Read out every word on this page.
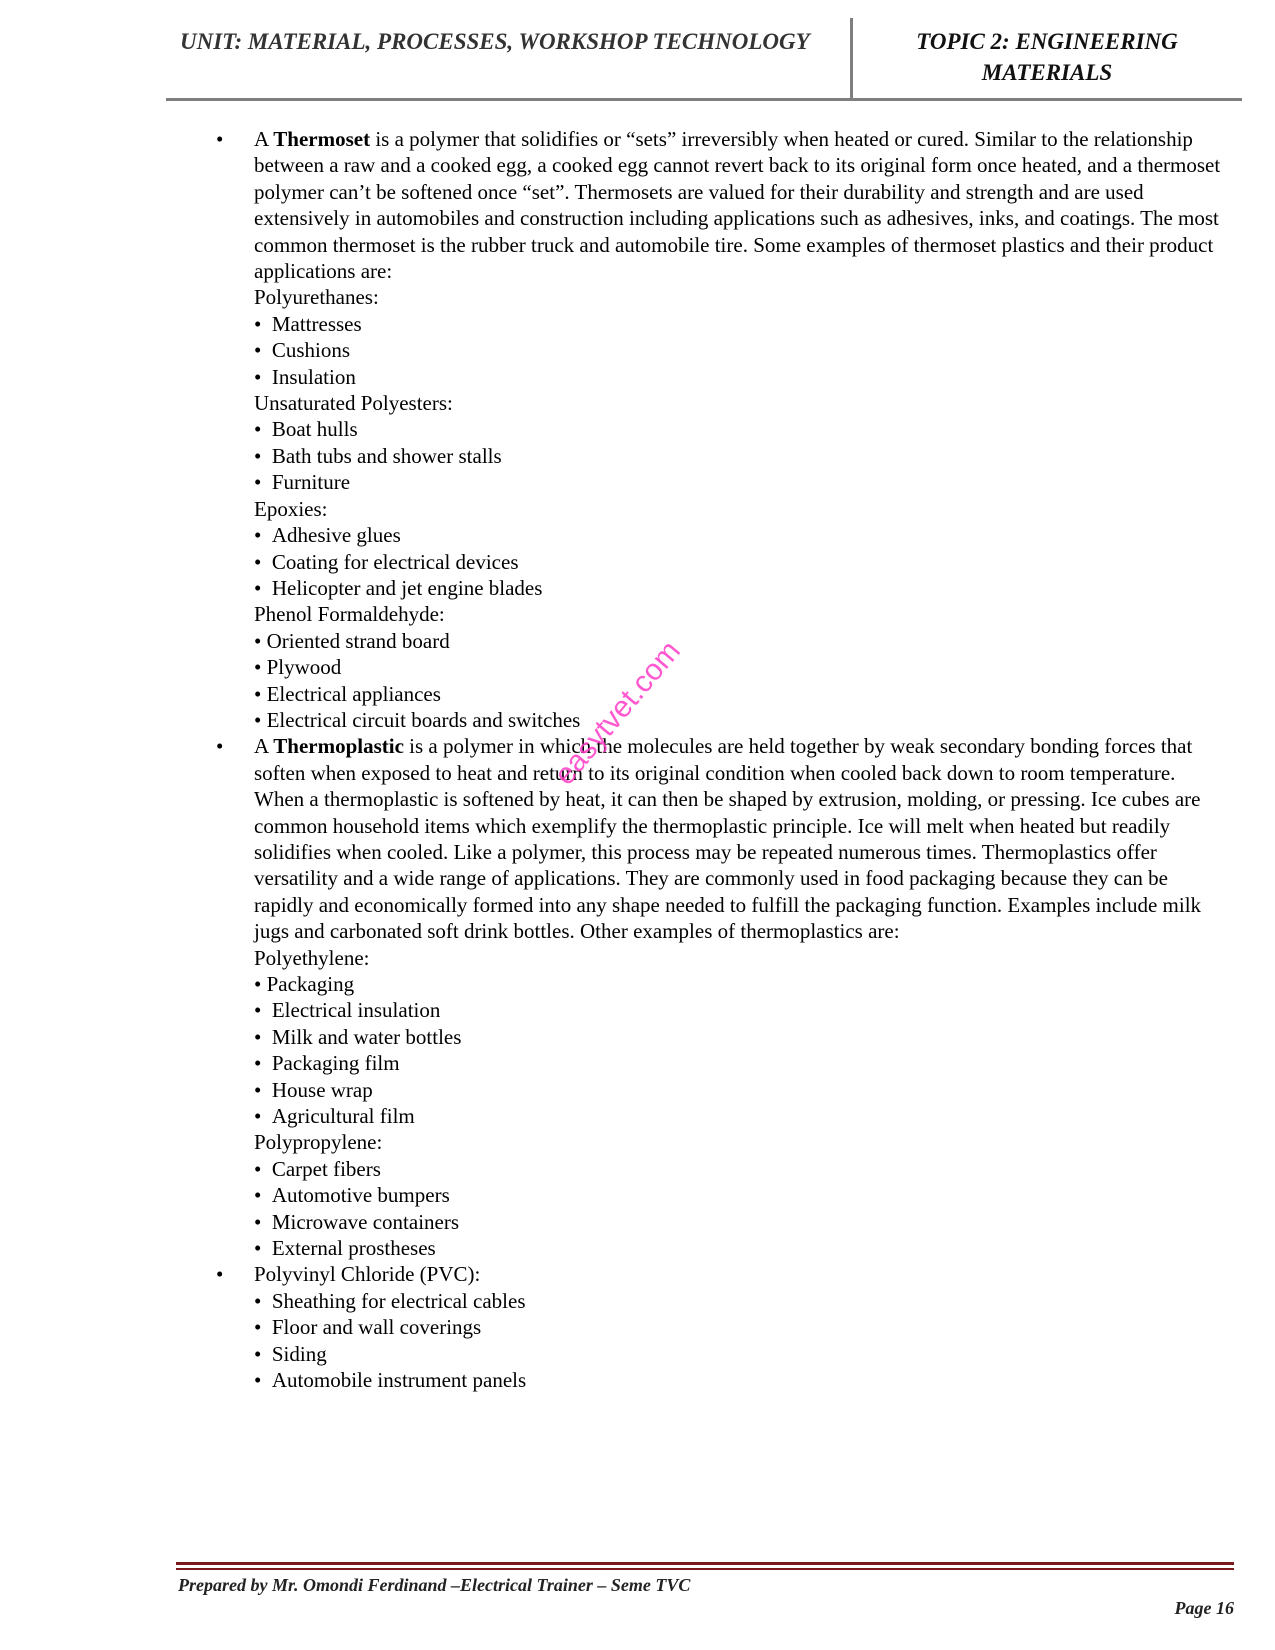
UNIT: MATERIAL, PROCESSES, WORKSHOP TECHNOLOGY	TOPIC 2: ENGINEERING MATERIALS
• A Thermoset is a polymer that solidifies or “sets” irreversibly when heated or cured. Similar to the relationship between a raw and a cooked egg, a cooked egg cannot revert back to its original form once heated, and a thermoset polymer can’t be softened once “set”. Thermosets are valued for their durability and strength and are used extensively in automobiles and construction including applications such as adhesives, inks, and coatings. The most common thermoset is the rubber truck and automobile tire. Some examples of thermoset plastics and their product applications are:

Polyurethanes:

•  Mattresses

•  Cushions

•  Insulation

Unsaturated Polyesters:

•  Boat hulls

•  Bath tubs and shower stalls

•  Furniture

Epoxies:

•  Adhesive glues

•  Coating for electrical devices

•  Helicopter and jet engine blades

Phenol Formaldehyde:

• Oriented strand board

• Plywood

• Electrical appliances

• Electrical circuit boards and switches

• A Thermoplastic is a polymer in which the molecules are held together by weak secondary bonding forces that soften when exposed to heat and return to its original condition when cooled back down to room temperature. When a thermoplastic is softened by heat, it can then be shaped by extrusion, molding, or pressing. Ice cubes are common household items which exemplify the thermoplastic principle. Ice will melt when heated but readily solidifies when cooled. Like a polymer, this process may be repeated numerous times. Thermoplastics offer versatility and a wide range of applications. They are commonly used in food packaging because they can be rapidly and economically formed into any shape needed to fulfill the packaging function. Examples include milk jugs and carbonated soft drink bottles. Other examples of thermoplastics are:

Polyethylene:

• Packaging

•  Electrical insulation

•  Milk and water bottles

•  Packaging film

•  House wrap

•  Agricultural film

Polypropylene:

•  Carpet fibers

•  Automotive bumpers

•  Microwave containers

•  External prostheses

• Polyvinyl Chloride (PVC):

•  Sheathing for electrical cables

•  Floor and wall coverings

•  Siding

•  Automobile instrument panels

easytvet.com
Prepared by Mr. Omondi Ferdinand –Electrical Trainer – Seme TVC
Page 16
